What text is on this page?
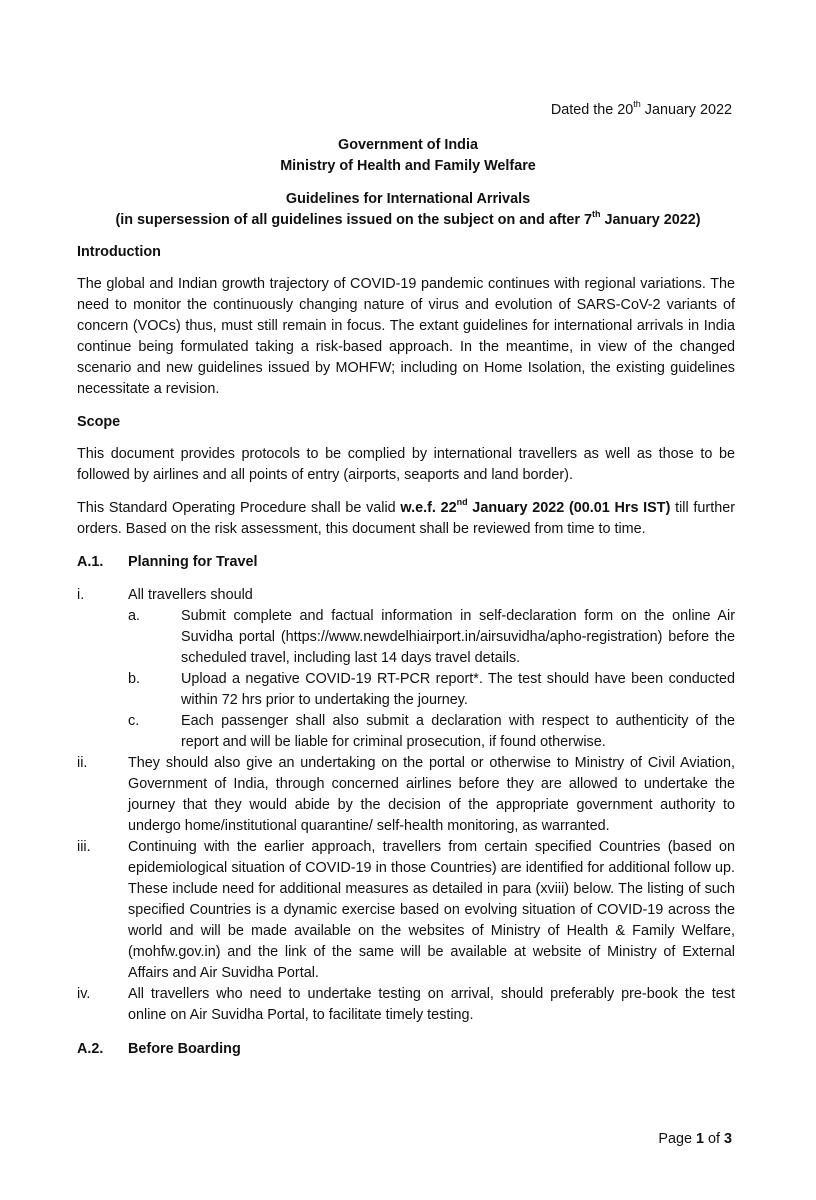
Dated the 20th January 2022
Government of India
Ministry of Health and Family Welfare
Guidelines for International Arrivals
(in supersession of all guidelines issued on the subject on and after 7th January 2022)
Introduction
The global and Indian growth trajectory of COVID-19 pandemic continues with regional variations. The need to monitor the continuously changing nature of virus and evolution of SARS-CoV-2 variants of concern (VOCs) thus, must still remain in focus. The extant guidelines for international arrivals in India continue being formulated taking a risk-based approach. In the meantime, in view of the changed scenario and new guidelines issued by MOHFW; including on Home Isolation, the existing guidelines necessitate a revision.
Scope
This document provides protocols to be complied by international travellers as well as those to be followed by airlines and all points of entry (airports, seaports and land border).
This Standard Operating Procedure shall be valid w.e.f. 22nd January 2022 (00.01 Hrs IST) till further orders. Based on the risk assessment, this document shall be reviewed from time to time.
A.1. Planning for Travel
i.	All travellers should
a.	Submit complete and factual information in self-declaration form on the online Air Suvidha portal (https://www.newdelhiairport.in/airsuvidha/apho-registration) before the scheduled travel, including last 14 days travel details.
b.	Upload a negative COVID-19 RT-PCR report*. The test should have been conducted within 72 hrs prior to undertaking the journey.
c.	Each passenger shall also submit a declaration with respect to authenticity of the report and will be liable for criminal prosecution, if found otherwise.
ii.	They should also give an undertaking on the portal or otherwise to Ministry of Civil Aviation, Government of India, through concerned airlines before they are allowed to undertake the journey that they would abide by the decision of the appropriate government authority to undergo home/institutional quarantine/ self-health monitoring, as warranted.
iii.	Continuing with the earlier approach, travellers from certain specified Countries (based on epidemiological situation of COVID-19 in those Countries) are identified for additional follow up. These include need for additional measures as detailed in para (xviii) below. The listing of such specified Countries is a dynamic exercise based on evolving situation of COVID-19 across the world and will be made available on the websites of Ministry of Health & Family Welfare, (mohfw.gov.in) and the link of the same will be available at website of Ministry of External Affairs and Air Suvidha Portal.
iv.	All travellers who need to undertake testing on arrival, should preferably pre-book the test online on Air Suvidha Portal, to facilitate timely testing.
A.2. Before Boarding
Page 1 of 3
